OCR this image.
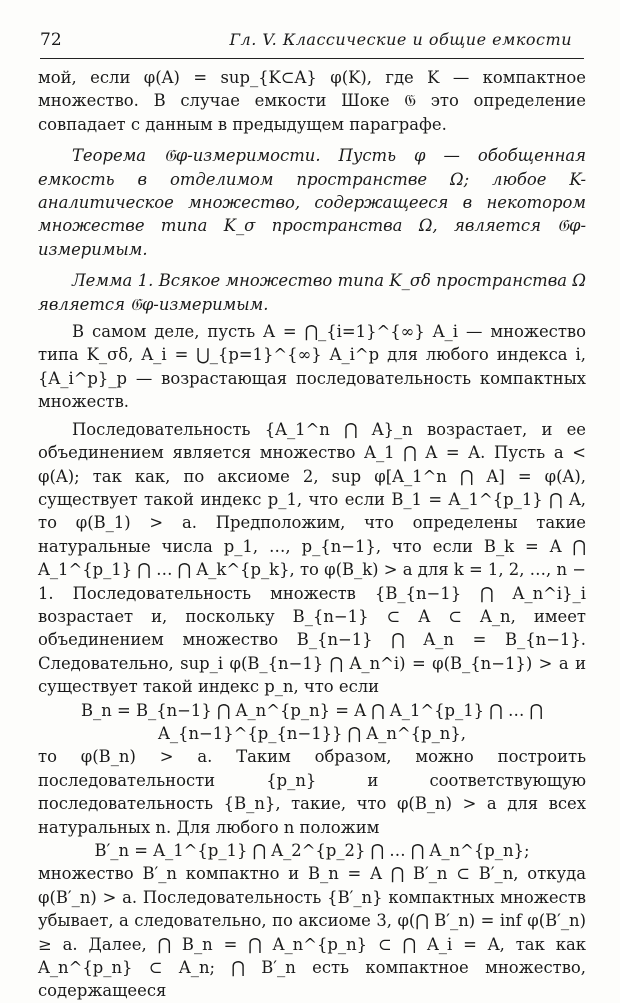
72	Гл. V. Классические и общие емкости

мой, если φ(A) = sup_{K⊂A} φ(K), где K — компактное множество. В случае емкости Шоке 𝔊 это определение совпадает с данным в предыдущем параграфе.

Теорема 𝔊φ-измеримости. Пусть φ — обобщенная емкость в отделимом пространстве Ω; любое K-аналитическое множество, содержащееся в некотором множестве типа K_σ пространства Ω, является 𝔊φ-измеримым.

Лемма 1. Всякое множество типа K_σδ пространства Ω является 𝔊φ-измеримым.

В самом деле, пусть A = ⋂_{i=1}^{∞} A_i — множество типа K_σδ, A_i = ⋃_{p=1}^{∞} A_i^p для любого индекса i, {A_i^p}_p — возрастающая последовательность компактных множеств.

Последовательность {A_1^n ⋂ A}_n возрастает, и ее объединением является множество A_1 ⋂ A = A. Пусть a < φ(A); так как, по аксиоме 2, sup φ[A_1^n ⋂ A] = φ(A), существует такой индекс p_1, что если B_1 = A_1^{p_1} ⋂ A, то φ(B_1) > a. Предположим, что определены такие натуральные числа p_1, …, p_{n−1}, что если B_k = A ⋂ A_1^{p_1} ⋂ … ⋂ A_k^{p_k}, то φ(B_k) > a для k = 1, 2, …, n − 1. Последовательность множеств {B_{n−1} ⋂ A_n^i}_i возрастает и, поскольку B_{n−1} ⊂ A ⊂ A_n, имеет объединением множество B_{n−1} ⋂ A_n = B_{n−1}. Следовательно, sup_i φ(B_{n−1} ⋂ A_n^i) = φ(B_{n−1}) > a и существует такой индекс p_n, что если

B_n = B_{n−1} ⋂ A_n^{p_n} = A ⋂ A_1^{p_1} ⋂ … ⋂ A_{n−1}^{p_{n−1}} ⋂ A_n^{p_n},

то φ(B_n) > a. Таким образом, можно построить последовательности {p_n} и соответствующую последовательность {B_n}, такие, что φ(B_n) > a для всех натуральных n. Для любого n положим

B′_n = A_1^{p_1} ⋂ A_2^{p_2} ⋂ … ⋂ A_n^{p_n};

множество B′_n компактно и B_n = A ⋂ B′_n ⊂ B′_n, откуда φ(B′_n) > a. Последовательность {B′_n} компактных множеств убывает, а следовательно, по аксиоме 3, φ(⋂ B′_n) = inf φ(B′_n) ≥ a. Далее, ⋂ B_n = ⋂ A_n^{p_n} ⊂ ⋂ A_i = A, так как A_n^{p_n} ⊂ A_n; ⋂ B′_n есть компактное множество, содержащееся
